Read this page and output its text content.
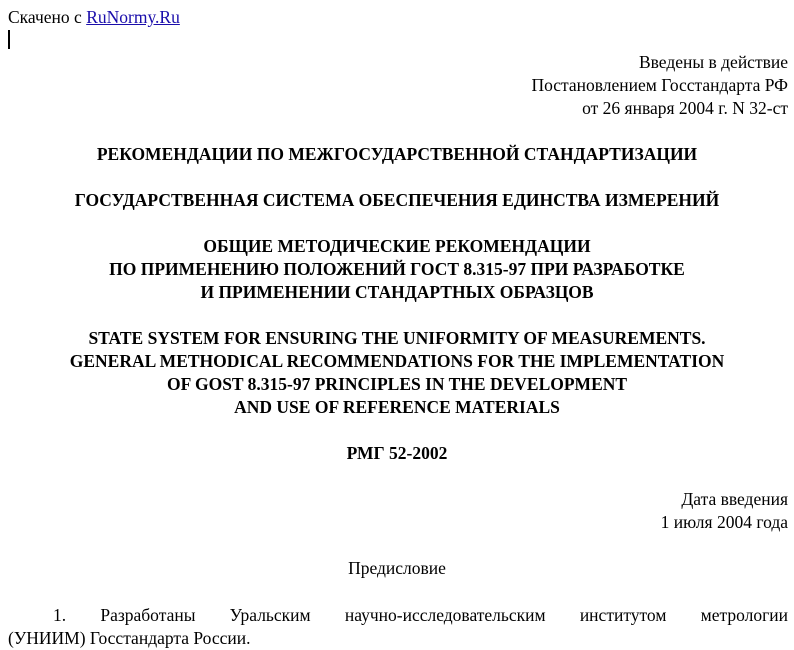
Скачено с RuNormy.Ru
Введены в действие
Постановлением Госстандарта РФ
от 26 января 2004 г. N 32-ст
РЕКОМЕНДАЦИИ ПО МЕЖГОСУДАРСТВЕННОЙ СТАНДАРТИЗАЦИИ
ГОСУДАРСТВЕННАЯ СИСТЕМА ОБЕСПЕЧЕНИЯ ЕДИНСТВА ИЗМЕРЕНИЙ
ОБЩИЕ МЕТОДИЧЕСКИЕ РЕКОМЕНДАЦИИ
ПО ПРИМЕНЕНИЮ ПОЛОЖЕНИЙ ГОСТ 8.315-97 ПРИ РАЗРАБОТКЕ
И ПРИМЕНЕНИИ СТАНДАРТНЫХ ОБРАЗЦОВ
STATE SYSTEM FOR ENSURING THE UNIFORMITY OF MEASUREMENTS.
GENERAL METHODICAL RECOMMENDATIONS FOR THE IMPLEMENTATION
OF GOST 8.315-97 PRINCIPLES IN THE DEVELOPMENT
AND USE OF REFERENCE MATERIALS
РМГ 52-2002
Дата введения
1 июля 2004 года
Предисловие
1. Разработаны Уральским научно-исследовательским институтом метрологии
(УНИИМ) Госстандарта России.
